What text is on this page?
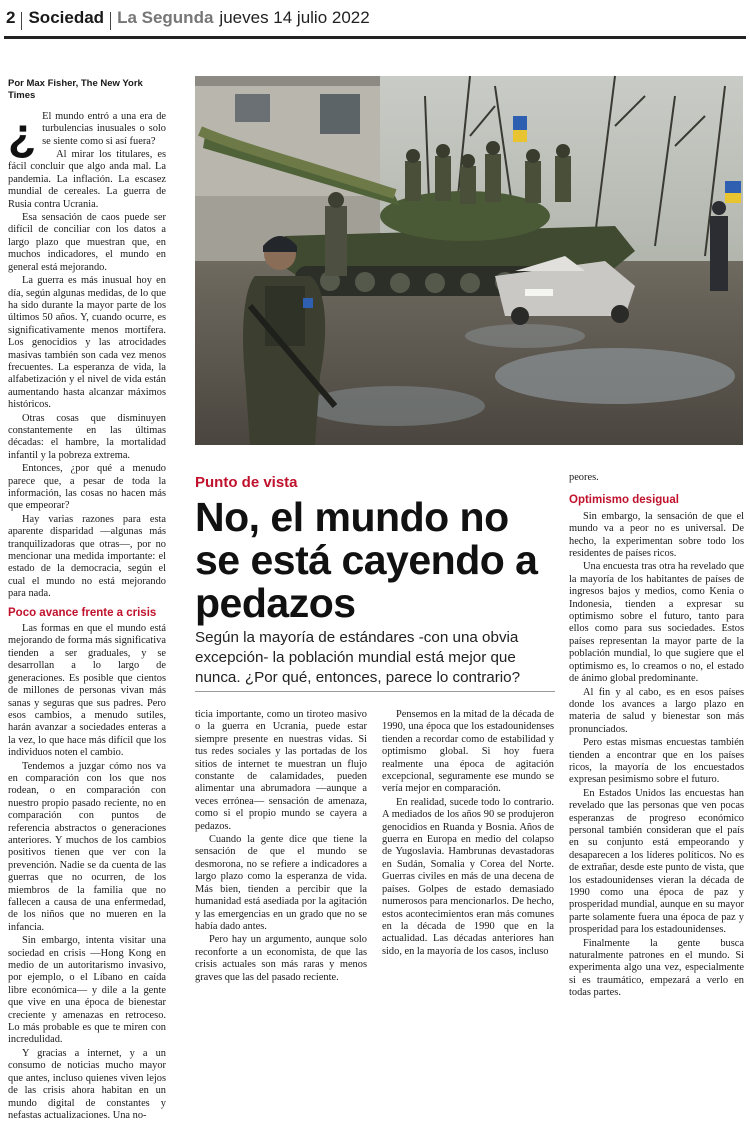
2 Sociedad La Segunda jueves 14 julio 2022
Por Max Fisher, The New York Times
¿ El mundo entró a una era de turbulencias inusuales o solo se siente como si así fuera?

Al mirar los titulares, es fácil concluir que algo anda mal. La pandemia. La inflación. La escasez mundial de cereales. La guerra de Rusia contra Ucrania.

Esa sensación de caos puede ser difícil de conciliar con los datos a largo plazo que muestran que, en muchos indicadores, el mundo en general está mejorando.

La guerra es más inusual hoy en día, según algunas medidas, de lo que ha sido durante la mayor parte de los últimos 50 años. Y, cuando ocurre, es significativamente menos mortífera. Los genocidios y las atrocidades masivas también son cada vez menos frecuentes. La esperanza de vida, la alfabetización y el nivel de vida están aumentando hasta alcanzar máximos históricos.

Otras cosas que disminuyen constantemente en las últimas décadas: el hambre, la mortalidad infantil y la pobreza extrema.

Entonces, ¿por qué a menudo parece que, a pesar de toda la información, las cosas no hacen más que empeorar?

Hay varias razones para esta aparente disparidad —algunas más tranquilizadoras que otras—, por no mencionar una medida importante: el estado de la democracia, según el cual el mundo no está mejorando para nada.

Poco avance frente a crisis

Las formas en que el mundo está mejorando de forma más significativa tienden a ser graduales, y se desarrollan a lo largo de generaciones. Es posible que cientos de millones de personas vivan más sanas y seguras que sus padres. Pero esos cambios, a menudo sutiles, harán avanzar a sociedades enteras a la vez, lo que hace más difícil que los individuos noten el cambio.

Tendemos a juzgar cómo nos va en comparación con los que nos rodean, o en comparación con nuestro propio pasado reciente, no en comparación con puntos de referencia abstractos o generaciones anteriores. Y muchos de los cambios positivos tienen que ver con la prevención. Nadie se da cuenta de las guerras que no ocurren, de los miembros de la familia que no fallecen a causa de una enfermedad, de los niños que no mueren en la infancia.

Sin embargo, intenta visitar una sociedad en crisis —Hong Kong en medio de un autoritarismo invasivo, por ejemplo, o el Líbano en caída libre económica— y dile a la gente que vive en una época de bienestar creciente y amenazas en retroceso. Lo más probable es que te miren con incredulidad.

Y gracias a internet, y a un consumo de noticias mucho mayor que antes, incluso quienes viven lejos de las crisis ahora habitan en un mundo digital de constantes y nefastas actualizaciones. Una no-

Punto de vista
No, el mundo no se está cayendo a pedazos
Según la mayoría de estándares -con una obvia excepción- la población mundial está mejor que nunca. ¿Por qué, entonces, parece lo contrario?

ticia importante, como un tiroteo masivo o la guerra en Ucrania, puede estar siempre presente en nuestras vidas. Si tus redes sociales y las portadas de los sitios de internet te muestran un flujo constante de calamidades, pueden alimentar una abrumadora —aunque a veces errónea— sensación de amenaza, como si el propio mundo se cayera a pedazos.

Cuando la gente dice que tiene la sensación de que el mundo se desmorona, no se refiere a indicadores a largo plazo como la esperanza de vida. Más bien, tienden a percibir que la humanidad está asediada por la agitación y las emergencias en un grado que no se había dado antes.

Pero hay un argumento, aunque solo reconforte a un economista, de que las crisis actuales son más raras y menos graves que las del pasado reciente.

Pensemos en la mitad de la década de 1990, una época que los estadounidenses tienden a recordar como de estabilidad y optimismo global. Si hoy fuera realmente una época de agitación excepcional, seguramente ese mundo se vería mejor en comparación.

En realidad, sucede todo lo contrario. A mediados de los años 90 se produjeron genocidios en Ruanda y Bosnia. Años de guerra en Europa en medio del colapso de Yugoslavia. Hambrunas devastadoras en Sudán, Somalia y Corea del Norte. Guerras civiles en más de una decena de países. Golpes de estado demasiado numerosos para mencionarlos. De hecho, estos acontecimientos eran más comunes en la década de 1990 que en la actualidad. Las décadas anteriores han sido, en la mayoría de los casos, incluso

peores.

Optimismo desigual

Sin embargo, la sensación de que el mundo va a peor no es universal. De hecho, la experimentan sobre todo los residentes de países ricos.

Una encuesta tras otra ha revelado que la mayoría de los habitantes de países de ingresos bajos y medios, como Kenia o Indonesia, tienden a expresar su optimismo sobre el futuro, tanto para ellos como para sus sociedades. Estos países representan la mayor parte de la población mundial, lo que sugiere que el optimismo es, lo creamos o no, el estado de ánimo global predominante.

Al fin y al cabo, es en esos países donde los avances a largo plazo en materia de salud y bienestar son más pronunciados.

Pero estas mismas encuestas también tienden a encontrar que en los países ricos, la mayoría de los encuestados expresan pesimismo sobre el futuro.

En Estados Unidos las encuestas han revelado que las personas que ven pocas esperanzas de progreso económico personal también consideran que el país en su conjunto está empeorando y desaparecen a los líderes políticos. No es de extrañar, desde este punto de vista, que los estadounidenses vieran la década de 1990 como una época de paz y prosperidad mundial, aunque en su mayor parte solamente fuera una época de paz y prosperidad para los estadounidenses.

Finalmente la gente busca naturalmente patrones en el mundo. Si experimenta algo una vez, especialmente si es traumático, empezará a verlo en todas partes.
